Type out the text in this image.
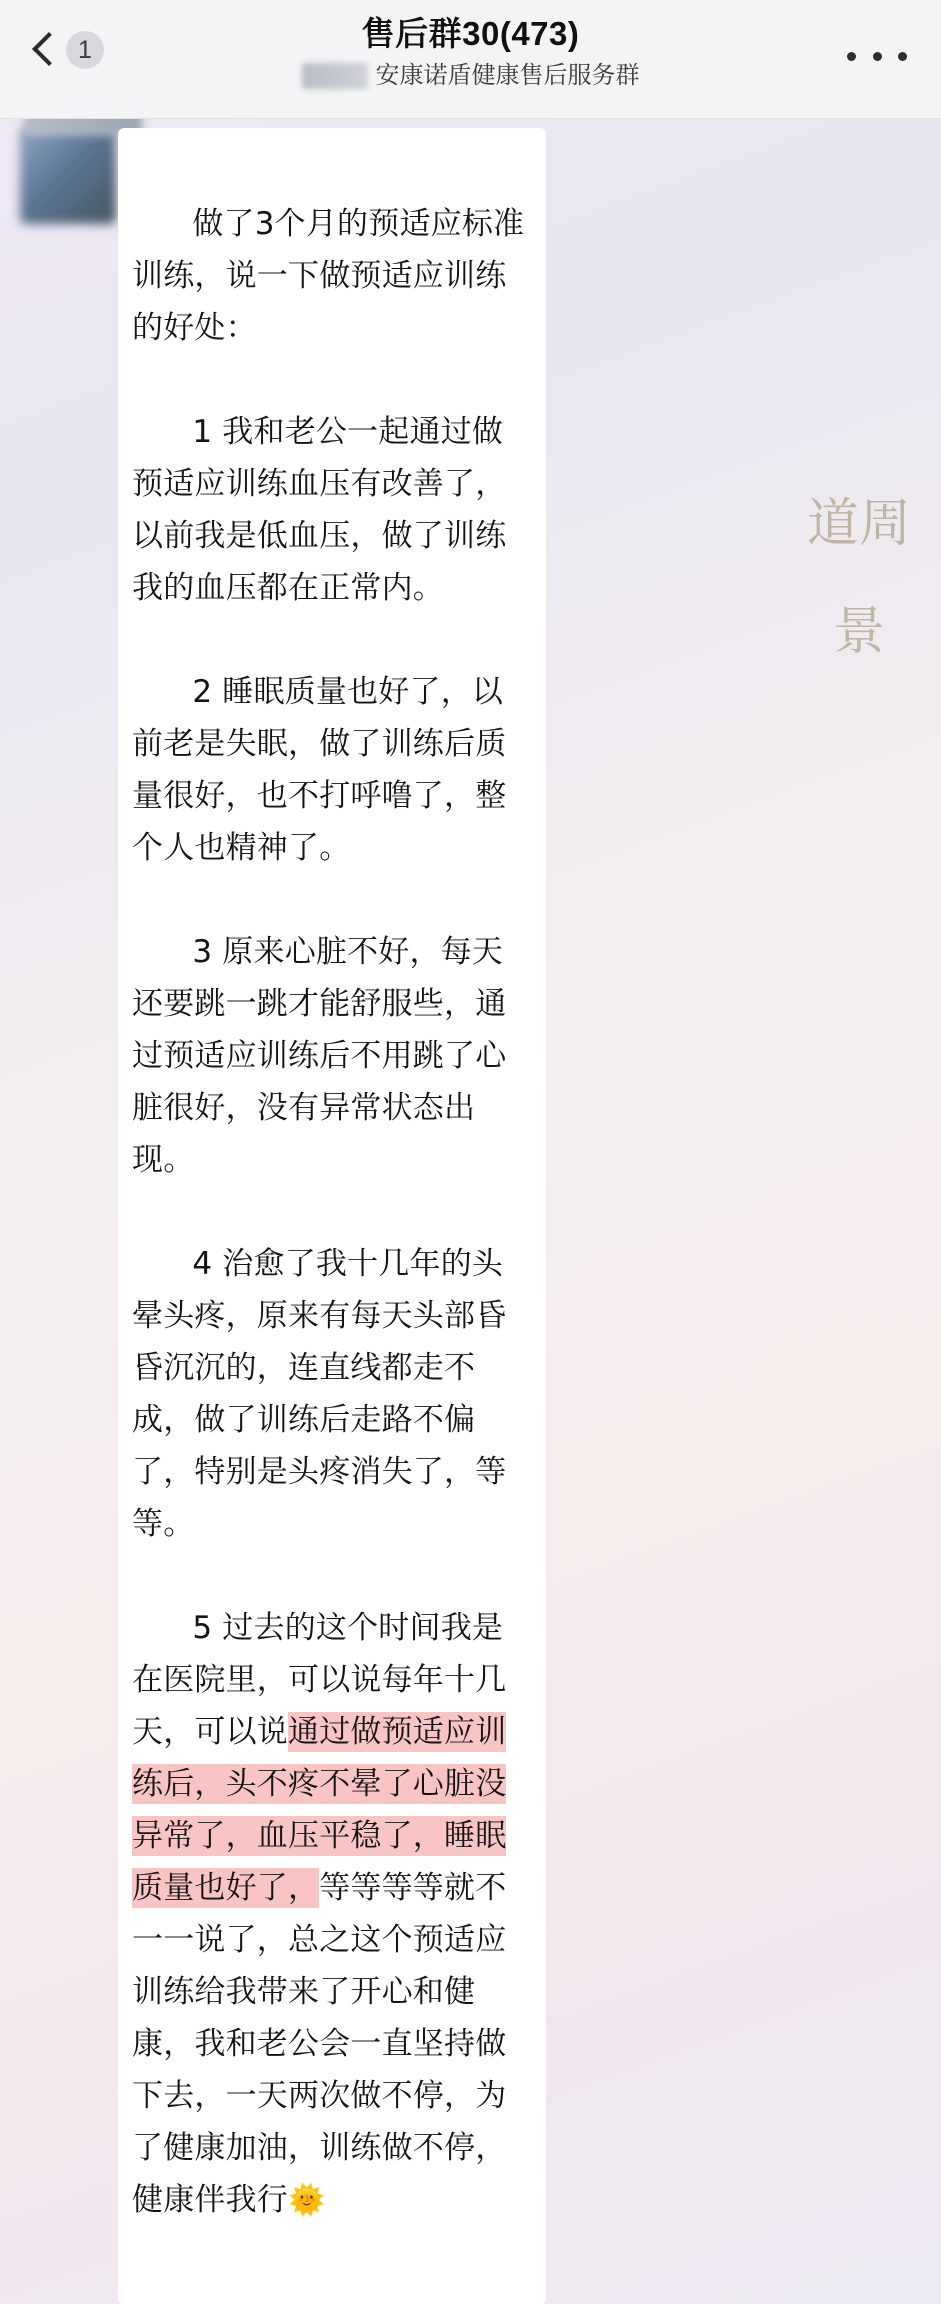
1	售后群30(473)
安康诺盾健康售后服务群
道周景

做了3个月的预适应标准训练，说一下做预适应训练的好处：

1 我和老公一起通过做预适应训练血压有改善了，以前我是低血压，做了训练我的血压都在正常内。

2 睡眠质量也好了，以前老是失眠，做了训练后质量很好，也不打呼噜了，整个人也精神了。

3 原来心脏不好，每天还要跳一跳才能舒服些，通过预适应训练后不用跳了心脏很好，没有异常状态出现。

4 治愈了我十几年的头晕头疼，原来有每天头部昏昏沉沉的，连直线都走不成，做了训练后走路不偏了，特别是头疼消失了，等等。

5 过去的这个时间我是在医院里，可以说每年十几天，可以说通过做预适应训练后，头不疼不晕了心脏没异常了，血压平稳了，睡眠质量也好了，等等等等就不一一说了，总之这个预适应训练给我带来了开心和健康，我和老公会一直坚持做下去，一天两次做不停，为了健康加油，训练做不停，健康伴我行🌞
